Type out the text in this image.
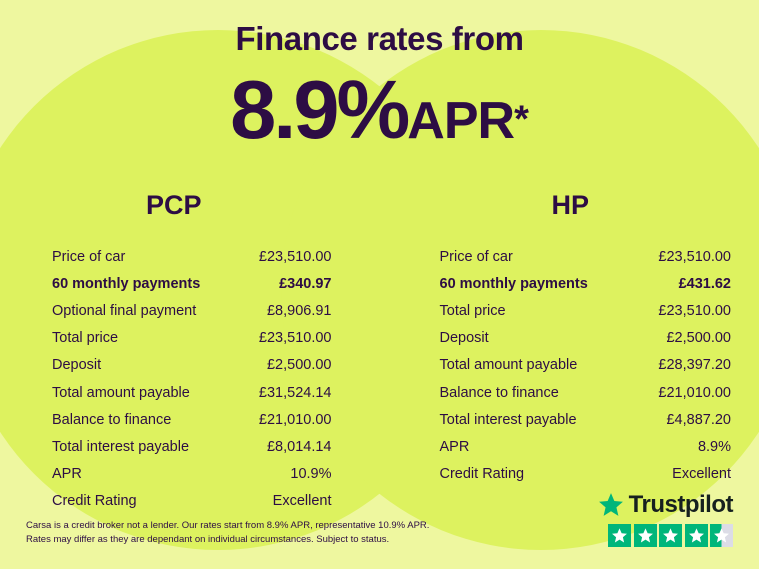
Finance rates from
8.9%APR*
PCP
Price of car	£23,510.00
60 monthly payments	£340.97
Optional final payment	£8,906.91
Total price	£23,510.00
Deposit	£2,500.00
Total amount payable	£31,524.14
Balance to finance	£21,010.00
Total interest payable	£8,014.14
APR	10.9%
Credit Rating	Excellent
HP
Price of car	£23,510.00
60 monthly payments	£431.62
Total price	£23,510.00
Deposit	£2,500.00
Total amount payable	£28,397.20
Balance to finance	£21,010.00
Total interest payable	£4,887.20
APR	8.9%
Credit Rating	Excellent
Carsa is a credit broker not a lender. Our rates start from 8.9% APR, representative 10.9% APR. Rates may differ as they are dependant on individual circumstances. Subject to status.
Trustpilot
